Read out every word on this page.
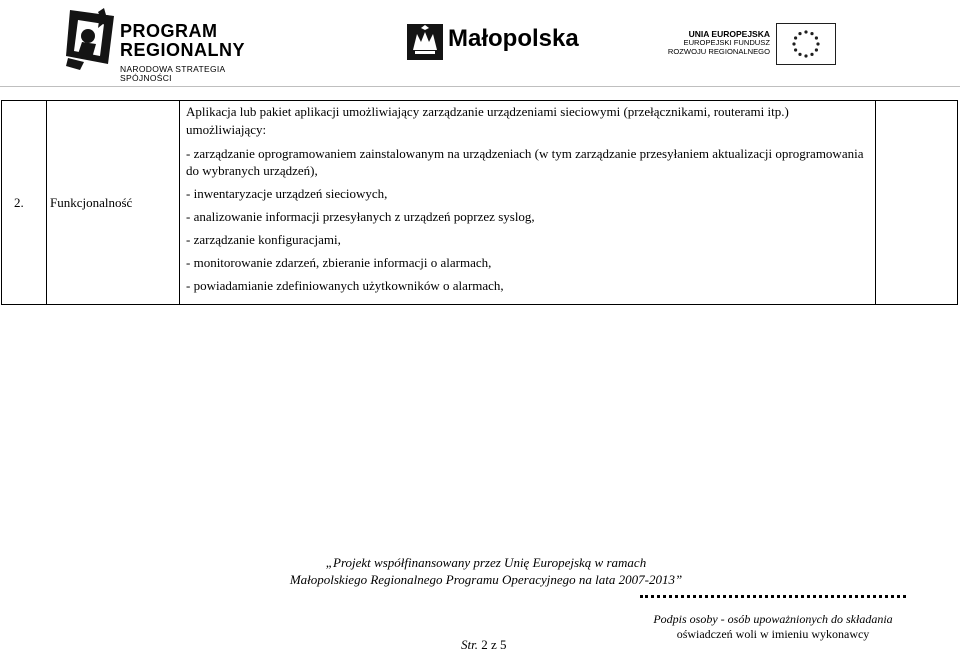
PROGRAM
REGIONALNY
NARODOWA STRATEGIA SPÓJNOŚCI
Małopolska	UNIA EUROPEJSKA
EUROPEJSKI FUNDUSZ
ROZWOJU REGIONALNEGO
2.	Funkcjonalność	
Aplikacja lub pakiet aplikacji umożliwiający zarządzanie urządzeniami sieciowymi (przełącznikami, routerami itp.)
umożliwiający:
- zarządzanie oprogramowaniem zainstalowanym na urządzeniach (w tym zarządzanie przesyłaniem aktualizacji oprogramowania do wybranych urządzeń),
- inwentaryzacje urządzeń sieciowych,
- analizowanie informacji przesyłanych z urządzeń poprzez syslog,
- zarządzanie konfiguracjami,
- monitorowanie zdarzeń, zbieranie informacji o alarmach,
- powiadamianie zdefiniowanych użytkowników o alarmach,

„Projekt współfinansowany przez Unię Europejską w ramach
Małopolskiego Regionalnego Programu Operacyjnego na lata 2007-2013”
Podpis osoby - osób upoważnionych do składania
oświadczeń woli w imieniu wykonawcy
Str. 2 z 5
